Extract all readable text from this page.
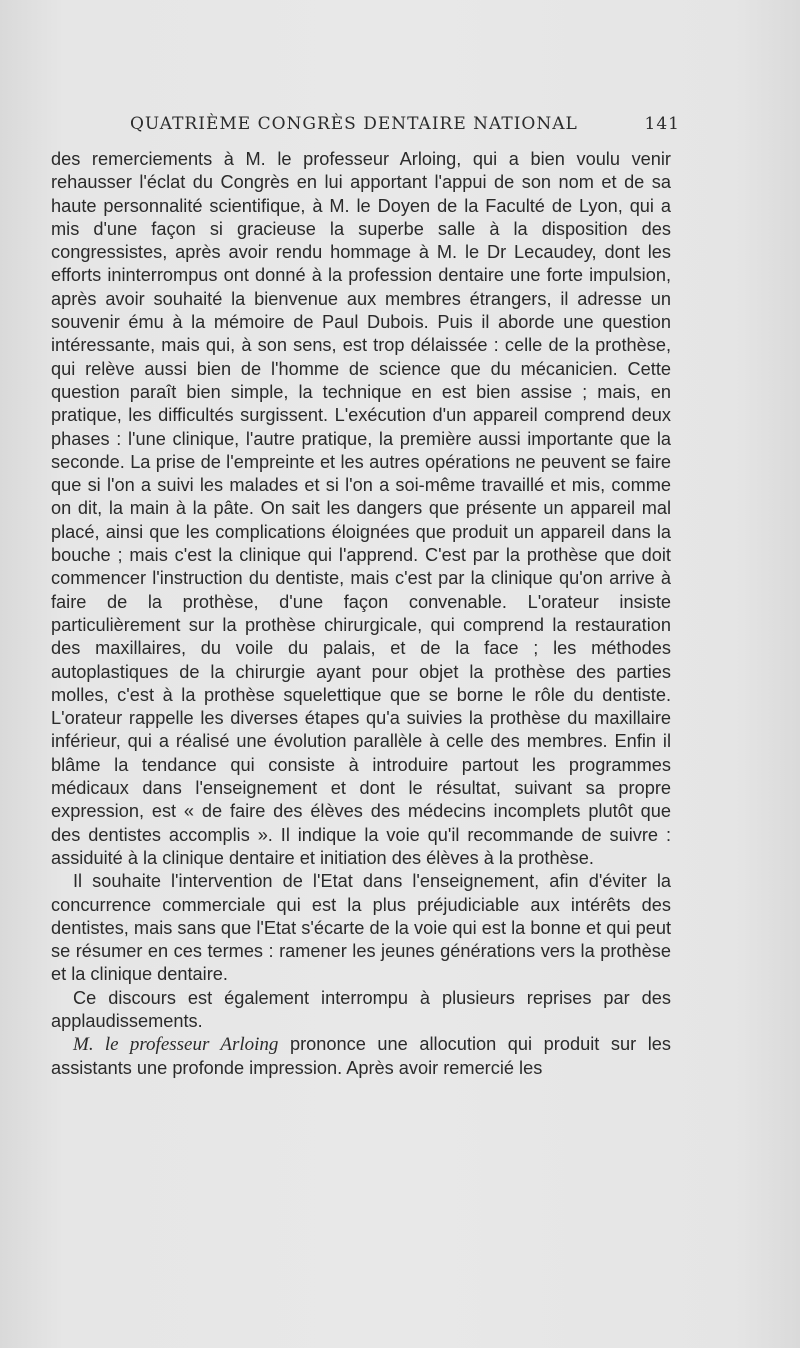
QUATRIÈME CONGRÈS DENTAIRE NATIONAL	141

des remerciements à M. le professeur Arloing, qui a bien voulu venir rehausser l'éclat du Congrès en lui apportant l'appui de son nom et de sa haute personnalité scientifique, à M. le Doyen de la Faculté de Lyon, qui a mis d'une façon si gracieuse la superbe salle à la disposition des congressistes, après avoir rendu hommage à M. le Dr Lecaudey, dont les efforts ininterrompus ont donné à la profession dentaire une forte impulsion, après avoir souhaité la bienvenue aux membres étrangers, il adresse un souvenir ému à la mémoire de Paul Dubois. Puis il aborde une question intéressante, mais qui, à son sens, est trop délaissée : celle de la prothèse, qui relève aussi bien de l'homme de science que du mécanicien. Cette question paraît bien simple, la technique en est bien assise ; mais, en pratique, les difficultés surgissent. L'exécution d'un appareil comprend deux phases : l'une clinique, l'autre pratique, la première aussi importante que la seconde. La prise de l'empreinte et les autres opérations ne peuvent se faire que si l'on a suivi les malades et si l'on a soi-même travaillé et mis, comme on dit, la main à la pâte. On sait les dangers que présente un appareil mal placé, ainsi que les complications éloignées que produit un appareil dans la bouche ; mais c'est la clinique qui l'apprend. C'est par la prothèse que doit commencer l'instruction du dentiste, mais c'est par la clinique qu'on arrive à faire de la prothèse, d'une façon convenable. L'orateur insiste particulièrement sur la prothèse chirurgicale, qui comprend la restauration des maxillaires, du voile du palais, et de la face ; les méthodes autoplastiques de la chirurgie ayant pour objet la prothèse des parties molles, c'est à la prothèse squelettique que se borne le rôle du dentiste. L'orateur rappelle les diverses étapes qu'a suivies la prothèse du maxillaire inférieur, qui a réalisé une évolution parallèle à celle des membres. Enfin il blâme la tendance qui consiste à introduire partout les programmes médicaux dans l'enseignement et dont le résultat, suivant sa propre expression, est « de faire des élèves des médecins incomplets plutôt que des dentistes accomplis ». Il indique la voie qu'il recommande de suivre : assiduité à la clinique dentaire et initiation des élèves à la prothèse.

Il souhaite l'intervention de l'Etat dans l'enseignement, afin d'éviter la concurrence commerciale qui est la plus préjudiciable aux intérêts des dentistes, mais sans que l'Etat s'écarte de la voie qui est la bonne et qui peut se résumer en ces termes : ramener les jeunes générations vers la prothèse et la clinique dentaire.

Ce discours est également interrompu à plusieurs reprises par des applaudissements.

M. le professeur Arloing prononce une allocution qui produit sur les assistants une profonde impression. Après avoir remercié les
